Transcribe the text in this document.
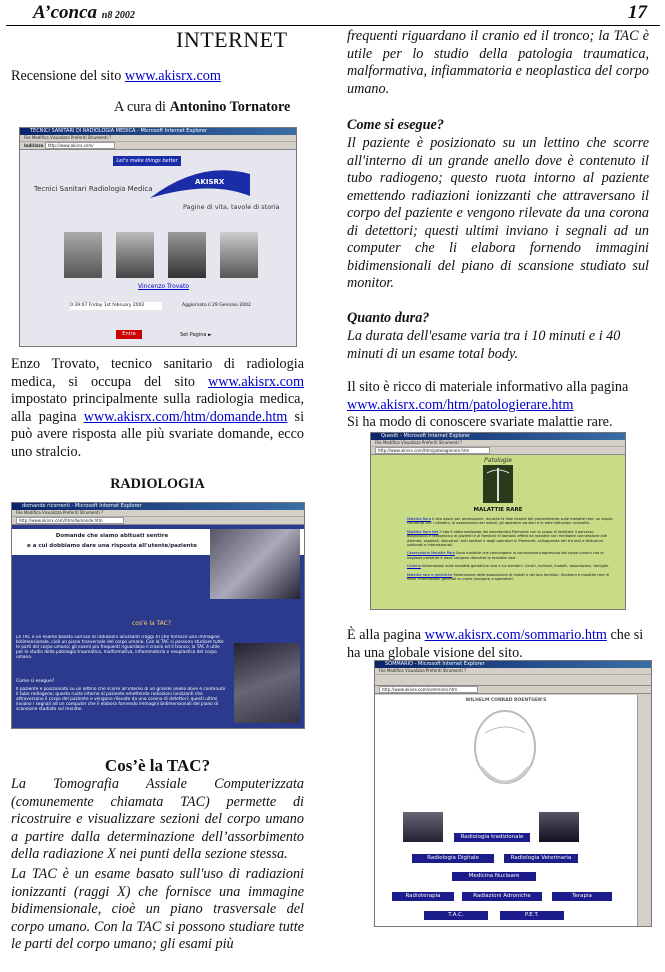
A’conca n8 2002	17
INTERNET
Recensione del sito www.akisrx.com
A cura di Antonino Tornatore
TECNICI SANITARI DI RADIOLOGIA MEDICA - Microsoft Internet Explorer
File Modifica Visualizza Preferiti Strumenti ?
Indirizzo http://www.akisrx.com/
Let's make things better
AKISRX
Tecnici Sanitari Radiologia Medica
Pagine di vita, tavole di storia
Vincenzo Trovato
0:39:07 Friday 1st february 2002	Aggiornato il 29 Gennaio 2002
Entra	Set Pagina ►
Enzo Trovato, tecnico sanitario di radiologia medica, si occupa del sito www.akisrx.com impostato principalmente sulla radiologia medica, alla pagina www.akisrx.com/htm/domande.htm si può avere risposta alle più svariate domande, ecco uno stralcio.
RADIOLOGIA
domande ricorrenti - Microsoft Internet Explorer
File Modifica Visualizza Preferiti Strumenti ?
http://www.akisrx.com/htm/domande.htm
Domande che siamo abituati sentire
e a cui dobbiamo dare una risposta all'utente/paziente
cos'è la TAC?
La TAC è un esame basato sull'uso di radiazioni ionizzanti (raggi X) che fornisce una immagine bidimensionale, cioè un piano trasversale del corpo umano. Con la TAC si possono studiare tutte le parti del corpo umano; gli esami più frequenti riguardano il cranio ed il tronco; la TAC è utile per lo studio della patologia traumatica, malformativa, infiammatoria e neoplastica del corpo umano.
Come si esegue?
Il paziente è posizionato su un lettino che scorre all'interno di un grande anello dove è contenuto il tubo radiogeno; questo ruota intorno al paziente emettendo radiazioni ionizzanti che attraversano il corpo del paziente e vengono rilevate da una corona di detettori; questi ultimi inviano i segnali ad un computer che li elabora fornendo immagini bidimensionali del piano di scansione studiato sul monitor.
Cos’è la TAC?
La Tomografia Assiale Computerizzata (comunemente chiamata TAC) permette di ricostruire e visualizzare sezioni del corpo umano a partire dalla determinazione dell’assorbimento della radiazione X nei punti della sezione stessa.
La TAC è un esame basato sull'uso di radiazioni ionizzanti (raggi X) che fornisce una immagine bidimensionale, cioè un piano trasversale del corpo umano. Con la TAC si possono studiare tutte le parti del corpo umano; gli esami più
frequenti riguardano il cranio ed il tronco; la TAC è utile per lo studio della patologia traumatica, malformativa, infiammatoria e neoplastica del corpo umano.
Come si esegue?
Il paziente è posizionato su un lettino che scorre all'interno di un grande anello dove è contenuto il tubo radiogeno; questo ruota intorno al paziente emettendo radiazioni ionizzanti che attraversano il corpo del paziente e vengono rilevate da una corona di detettori; questi ultimi inviano i segnali ad un computer che li elabora fornendo immagini bidimensionali del piano di scansione studiato sul monitor.
Quanto dura?
La durata dell'esame varia tra i 10 minuti e i 40 minuti di un esame total body.
Il sito è ricco di materiale informativo alla pagina
www.akisrx.com/htm/patologierare.htm
Si ha modo di conoscere svariate malattie rare.
Quesiti - Microsoft Internet Explorer
File Modifica Visualizza Preferiti Strumenti ?
http://www.akisrx.com/htm/patologierare.htm
Patologie
MALATTIE RARE
Malattia Rara Il sito nasce per promuovere, durante la fase iniziale del procedimento sulle malattie rare, un ampio confronto con i cittadini, le associazioni dei malati, gli operatori sanitari e le altre istituzioni coinvolte.
Malattie Rare Net Il sito è stato realizzato dal volontariato Piemonte con lo scopo di facilitare il percorso diagnostico e terapeutico ai pazienti e ai familiari di bambini affetti da malattie non mediante connessione alle Aziende, ospedali, laboratori, enti sanitari e dagli operatori in Piemonte, sviluppando reti tra enti e Istituzioni nazionali e internazionali.
Osservatorio Malattie Rare Sono malattie che coinvolgono la conoscenza progressiva del corpo umano che le vogliono presente e dove vengono descritte le malattie rare.
Uniamo Informazioni sulle malattie genetiche rare e sui bambini. Centri, indirizzi, modelli, associazioni, famiglie.
Malattie rare e genetiche Federazione delle associazioni di malati e dei loro familiari. Sindromi e malattie rare in Italia. Informazioni generali su come rivolgersi a specialisti.
È alla pagina www.akisrx.com/sommario.htm che si ha una globale visione del sito.
SOMMARIO - Microsoft Internet Explorer
File Modifica Visualizza Preferiti Strumenti ?
http://www.akisrx.com/sommario.htm
WILHELM CONRAD ROENTGEN'S
Radiologia tradizionale
Radiologia Digitale	Radiologia Veterinaria
Medicina Nucleare
Radioterapia	Radiazioni Adroniche	Terapia
T.A.C.	P.E.T.
